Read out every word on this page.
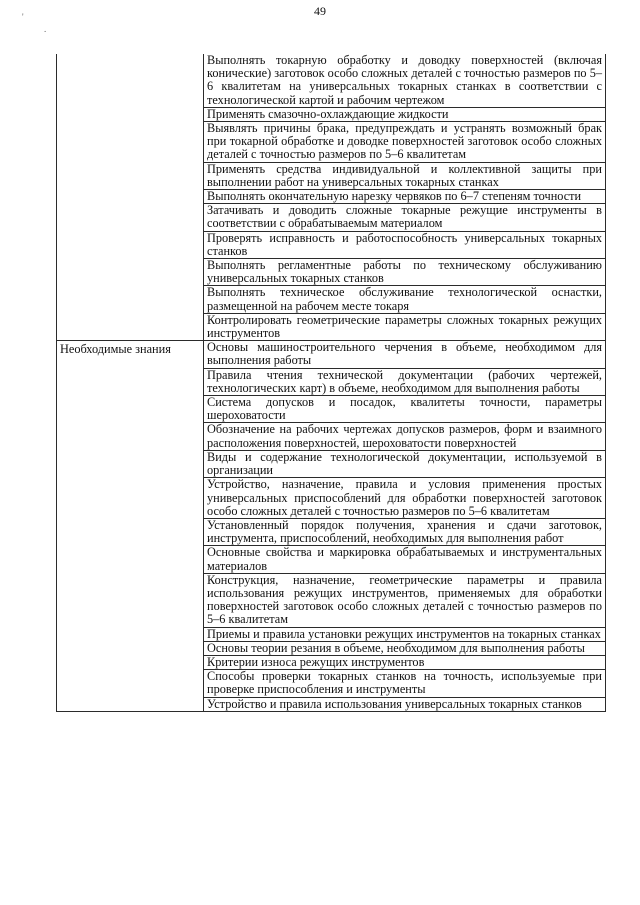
'
.
49
	Выполнять токарную обработку и доводку поверхностей (включая конические) заготовок особо сложных деталей с точностью размеров по 5–6 квалитетам на универсальных токарных станках в соответствии с технологической картой и рабочим чертежом
	Применять смазочно-охлаждающие жидкости
	Выявлять причины брака, предупреждать и устранять возможный брак при токарной обработке и доводке поверхностей заготовок особо сложных деталей с точностью размеров по 5–6 квалитетам
	Применять средства индивидуальной и коллективной защиты при выполнении работ на универсальных токарных станках
	Выполнять окончательную нарезку червяков по 6–7 степеням точности
	Затачивать и доводить сложные токарные режущие инструменты в соответствии с обрабатываемым материалом
	Проверять исправность и работоспособность универсальных токарных станков
	Выполнять регламентные работы по техническому обслуживанию универсальных токарных станков
	Выполнять техническое обслуживание технологической оснастки, размещенной на рабочем месте токаря
	Контролировать геометрические параметры сложных токарных режущих инструментов
Необходимые знания	Основы машиностроительного черчения в объеме, необходимом для выполнения работы
	Правила чтения технической документации (рабочих чертежей, технологических карт) в объеме, необходимом для выполнения работы
	Система допусков и посадок, квалитеты точности, параметры шероховатости
	Обозначение на рабочих чертежах допусков размеров, форм и взаимного расположения поверхностей, шероховатости поверхностей
	Виды и содержание технологической документации, используемой в организации
	Устройство, назначение, правила и условия применения простых универсальных приспособлений для обработки поверхностей заготовок особо сложных деталей с точностью размеров по 5–6 квалитетам
	Установленный порядок получения, хранения и сдачи заготовок, инструмента, приспособлений, необходимых для выполнения работ
	Основные свойства и маркировка обрабатываемых и инструментальных материалов
	Конструкция, назначение, геометрические параметры и правила использования режущих инструментов, применяемых для обработки поверхностей заготовок особо сложных деталей с точностью размеров по 5–6 квалитетам
	Приемы и правила установки режущих инструментов на токарных станках
	Основы теории резания в объеме, необходимом для выполнения работы
	Критерии износа режущих инструментов
	Способы проверки токарных станков на точность, используемые при проверке приспособления и инструменты
	Устройство и правила использования универсальных токарных станков
